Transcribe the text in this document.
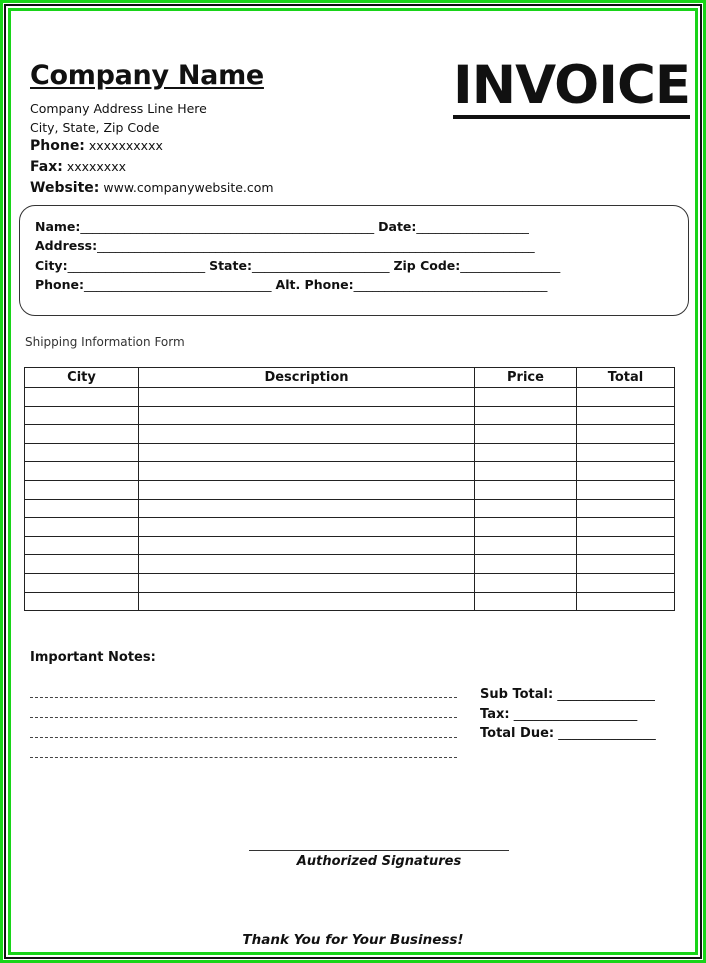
Company Name	INVOICE
Company Address Line Here
City, State, Zip Code
Phone: xxxxxxxxxx
Fax: xxxxxxxx
Website: www.companywebsite.com
Name:_______________________________________________ Date:__________________
Address:______________________________________________________________________
City:______________________ State:______________________ Zip Code:________________
Phone:______________________________ Alt. Phone:_______________________________
Shipping Information Form
City	Description	Price	Total

Important Notes:
Sub Total: _______________
Tax: ___________________
Total Due: _______________
Authorized Signatures
Thank You for Your Business!
